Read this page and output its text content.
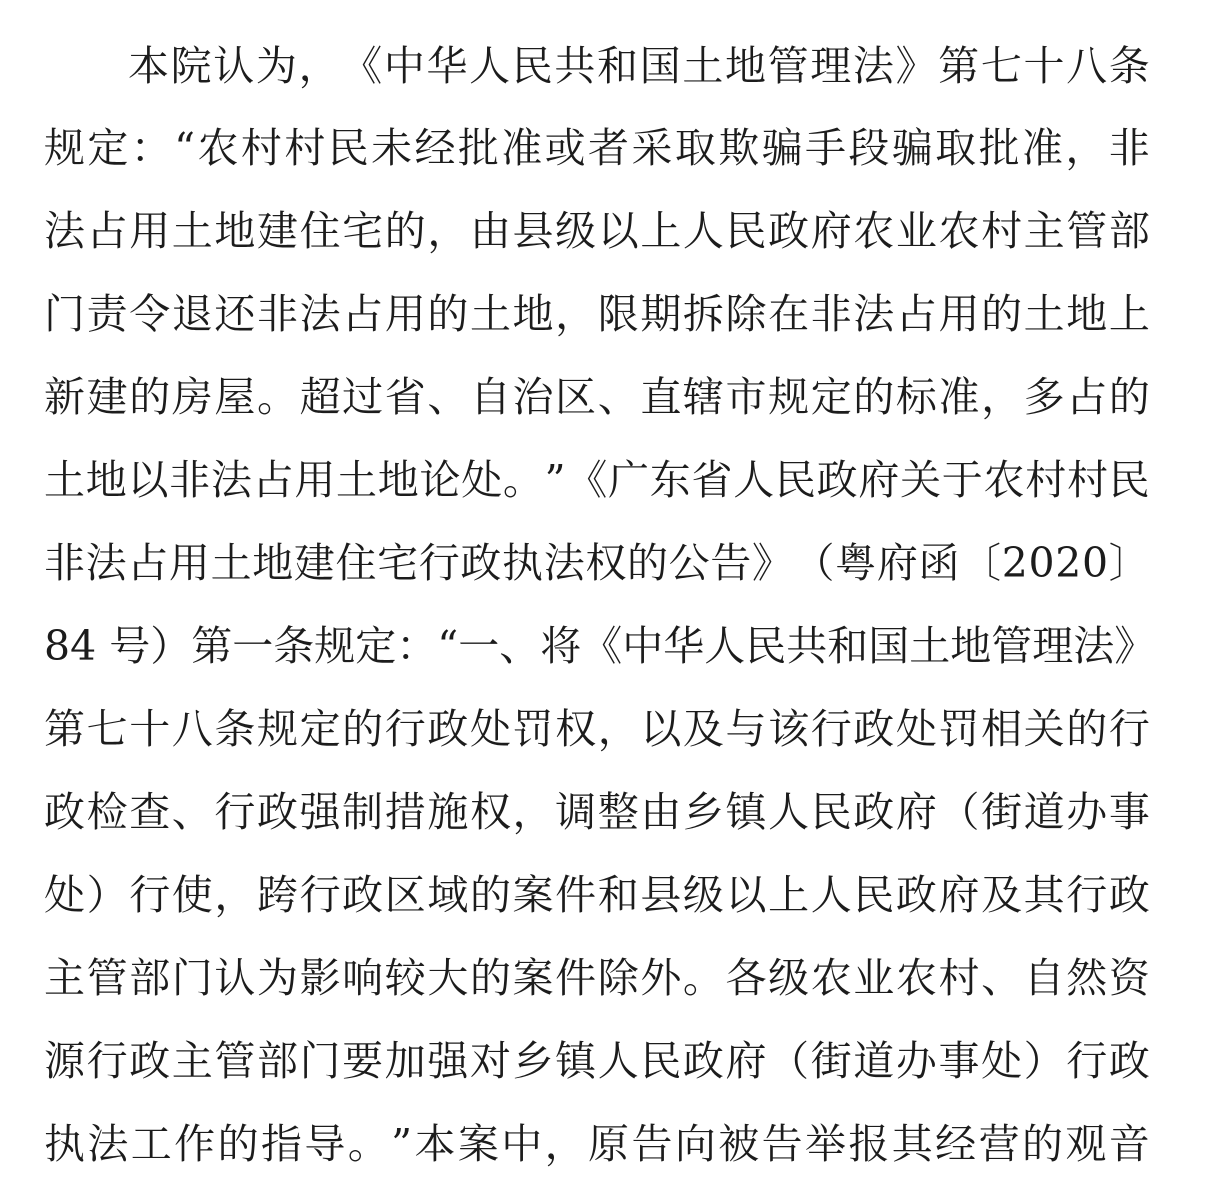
本 院 认 为 ， 《 中 华 人 民 共 和 国 土 地 管 理 法 》 第 七 十 八 条
规 定 ： “ 农 村 村 民 未 经 批 准 或 者 采 取 欺 骗 手 段 骗 取 批 准 ， 非
法 占 用 土 地 建 住 宅 的 ， 由 县 级 以 上 人 民 政 府 农 业 农 村 主 管 部
门 责 令 退 还 非 法 占 用 的 土 地 ， 限 期 拆 除 在 非 法 占 用 的 土 地 上
新 建 的 房 屋 。 超 过 省 、 自 治 区 、 直 辖 市 规 定 的 标 准 ， 多 占 的
土 地 以 非 法 占 用 土 地 论 处 。 ” 《 广 东 省 人 民 政 府 关 于 农 村 村 民
非 法 占 用 土 地 建 住 宅 行 政 执 法 权 的 公 告 》 （ 粤 府 函 〔 2 0 2 0 〕
8 4
号 ） 第 一 条 规 定 ： “ 一 、 将 《 中 华 人 民 共 和 国 土 地 管 理 法 》
第 七 十 八 条 规 定 的 行 政 处 罚 权 ， 以 及 与 该 行 政 处 罚 相 关 的 行
政 检 查 、 行 政 强 制 措 施 权 ， 调 整 由 乡 镇 人 民 政 府 （ 街 道 办 事
处 ） 行 使 ， 跨 行 政 区 域 的 案 件 和 县 级 以 上 人 民 政 府 及 其 行 政
主 管 部 门 认 为 影 响 较 大 的 案 件 除 外 。 各 级 农 业 农 村 、 自 然 资
源 行 政 主 管 部 门 要 加 强 对 乡 镇 人 民 政 府 （ 街 道 办 事 处 ） 行 政
执 法 工 作 的 指 导 。 ” 本 案 中 ， 原 告 向 被 告 举 报 其 经 营 的 观 音
